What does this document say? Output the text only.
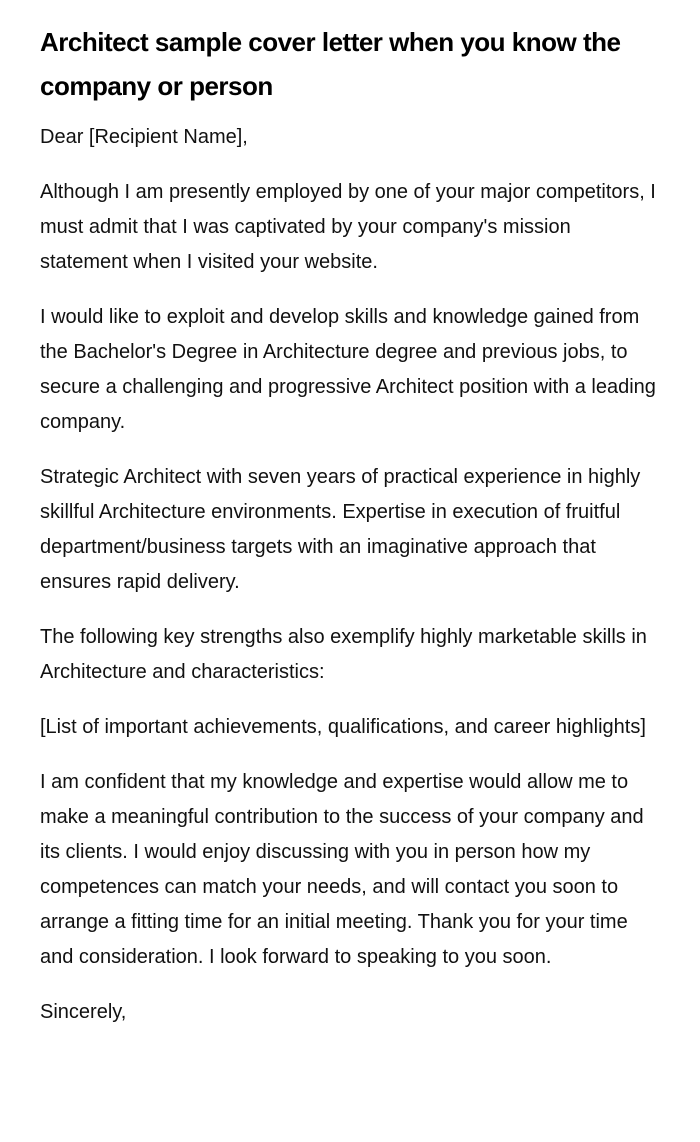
Architect sample cover letter when you know the company or person

Dear [Recipient Name],

Although I am presently employed by one of your major competitors, I must admit that I was captivated by your company's mission statement when I visited your website.

I would like to exploit and develop skills and knowledge gained from the Bachelor's Degree in Architecture degree and previous jobs, to secure a challenging and progressive Architect position with a leading company.

Strategic Architect with seven years of practical experience in highly skillful Architecture environments. Expertise in execution of fruitful department/business targets with an imaginative approach that ensures rapid delivery.

The following key strengths also exemplify highly marketable skills in Architecture and characteristics:

[List of important achievements, qualifications, and career highlights]

I am confident that my knowledge and expertise would allow me to make a meaningful contribution to the success of your company and its clients. I would enjoy discussing with you in person how my competences can match your needs, and will contact you soon to arrange a fitting time for an initial meeting. Thank you for your time and consideration. I look forward to speaking to you soon.

Sincerely,
